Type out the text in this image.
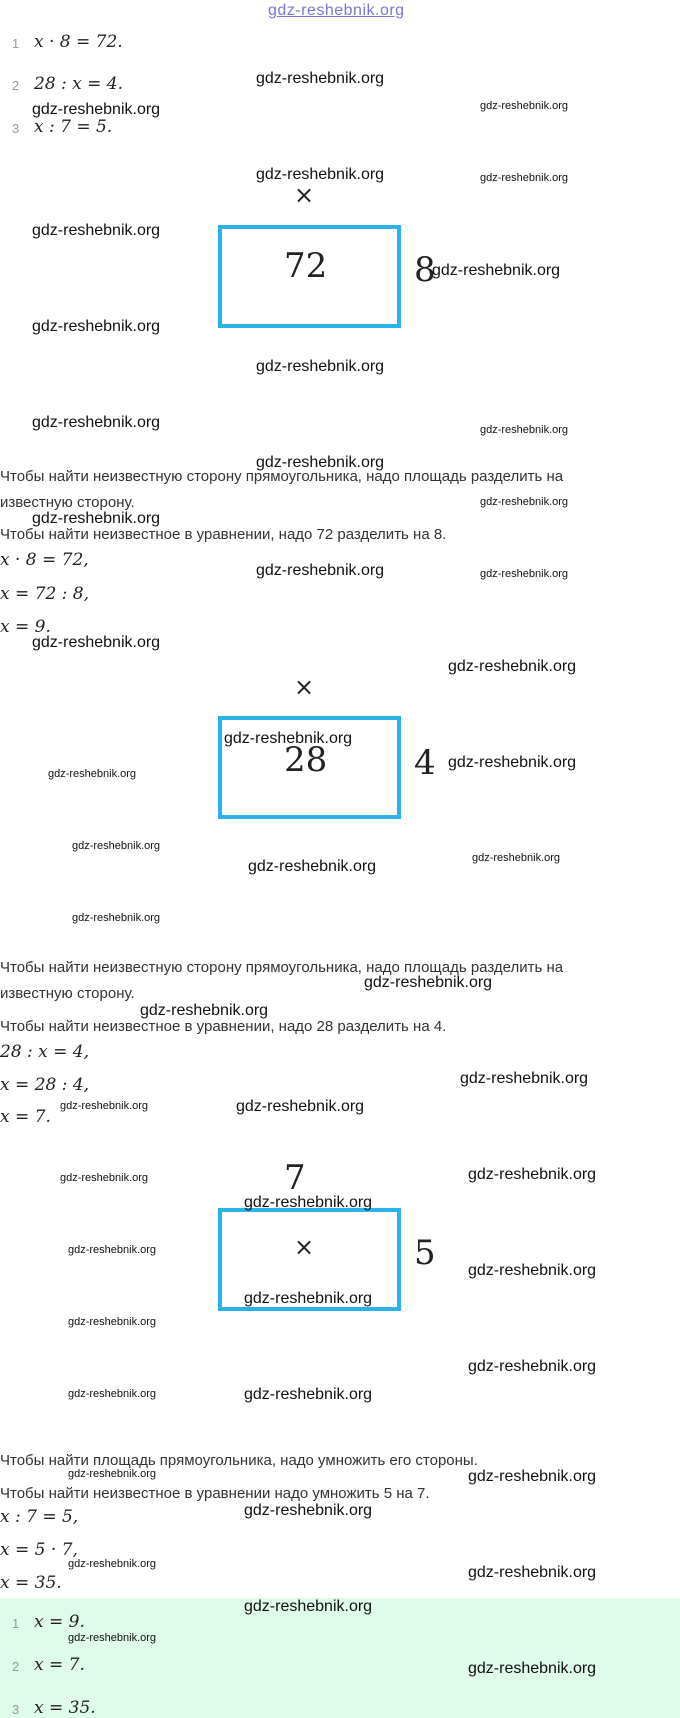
gdz-reshebnik.org
1 x · 8 = 72.
2 28 : x = 4.
3 x : 7 = 5.
×
72	8
Чтобы найти неизвестную сторону прямоугольника, надо площадь разделить на
известную сторону.
Чтобы найти неизвестное в уравнении, надо 72 разделить на 8.
x · 8 = 72,
x = 72 : 8,
x = 9.
×
28	4
Чтобы найти неизвестную сторону прямоугольника, надо площадь разделить на
известную сторону.
Чтобы найти неизвестное в уравнении, надо 28 разделить на 4.
28 : x = 4,
x = 28 : 4,
x = 7.
7
×	5
Чтобы найти площадь прямоугольника, надо умножить его стороны.
Чтобы найти неизвестное в уравнении надо умножить 5 на 7.
x : 7 = 5,
x = 5 · 7,
x = 35.
1 x = 9.
2 x = 7.
3 x = 35.
gdz-reshebnik.org
gdz-reshebnik.org	gdz-reshebnik.org
gdz-reshebnik.org	gdz-reshebnik.org
gdz-reshebnik.org
gdz-reshebnik.org
gdz-reshebnik.org
gdz-reshebnik.org
gdz-reshebnik.org	gdz-reshebnik.org
gdz-reshebnik.org
gdz-reshebnik.org
gdz-reshebnik.org
gdz-reshebnik.org	gdz-reshebnik.org
gdz-reshebnik.org
gdz-reshebnik.org
gdz-reshebnik.org
gdz-reshebnik.org
gdz-reshebnik.org
gdz-reshebnik.org
gdz-reshebnik.org
gdz-reshebnik.org
gdz-reshebnik.org
gdz-reshebnik.org
gdz-reshebnik.org
gdz-reshebnik.org
gdz-reshebnik.org	gdz-reshebnik.org
gdz-reshebnik.org	gdz-reshebnik.org
gdz-reshebnik.org
gdz-reshebnik.org
gdz-reshebnik.org
gdz-reshebnik.org
gdz-reshebnik.org
gdz-reshebnik.org
gdz-reshebnik.org	gdz-reshebnik.org
gdz-reshebnik.org	gdz-reshebnik.org
gdz-reshebnik.org
gdz-reshebnik.org	gdz-reshebnik.org
gdz-reshebnik.org
gdz-reshebnik.org
gdz-reshebnik.org
